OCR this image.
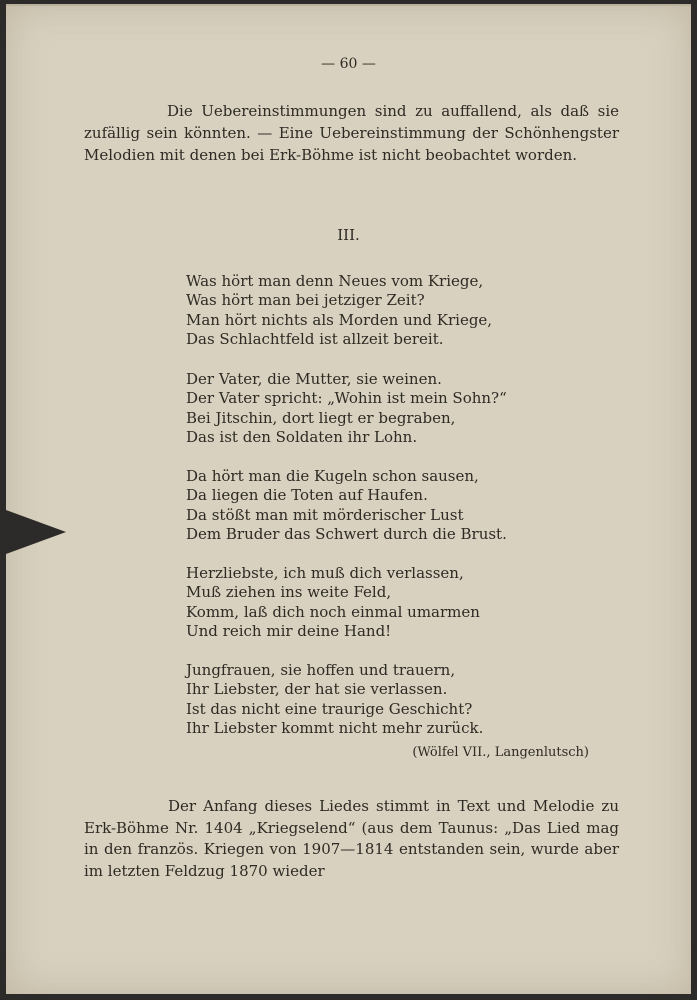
— 60 —

Die Uebereinstimmungen sind zu auffallend, als daß sie zufällig sein könnten. — Eine Uebereinstimmung der Schönhengster Melodien mit denen bei Erk-Böhme ist nicht beobachtet worden.

III.
Was hört man denn Neues vom Kriege,
Was hört man bei jetziger Zeit?
Man hört nichts als Morden und Kriege,
Das Schlachtfeld ist allzeit bereit.
Der Vater, die Mutter, sie weinen.
Der Vater spricht: „Wohin ist mein Sohn?“
Bei Jitschin, dort liegt er begraben,
Das ist den Soldaten ihr Lohn.
Da hört man die Kugeln schon sausen,
Da liegen die Toten auf Haufen.
Da stößt man mit mörderischer Lust
Dem Bruder das Schwert durch die Brust.
Herzliebste, ich muß dich verlassen,
Muß ziehen ins weite Feld,
Komm, laß dich noch einmal umarmen
Und reich mir deine Hand!
Jungfrauen, sie hoffen und trauern,
Ihr Liebster, der hat sie verlassen.
Ist das nicht eine traurige Geschicht?
Ihr Liebster kommt nicht mehr zurück.
(Wölfel VII., Langenlutsch)

Der Anfang dieses Liedes stimmt in Text und Melodie zu Erk-Böhme Nr. 1404 „Kriegselend“ (aus dem Taunus: „Das Lied mag in den französ. Kriegen von 1907—1814 entstanden sein, wurde aber im letzten Feldzug 1870 wieder
